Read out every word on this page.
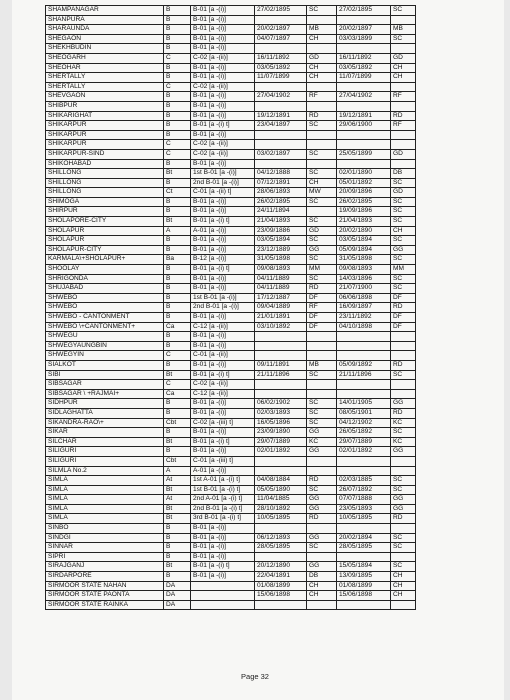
SHAMPANAGAR	B	B-01 [a -(i)]	27/02/1895	SC	27/02/1895	SC
SHANPURA	B	B-01 [a -(i)]				
SHARAUNDA	B	B-01 [a -(i)]	20/02/1897	MB	20/02/1897	MB
SHEGAON	B	B-01 [a -(i)]	04/07/1897	CH	03/03/1899	SC
SHEKHBUDIN	B	B-01 [a -(i)]				
SHEOGARH	C	C-02 [a -(ii)]	16/11/1892	GD	16/11/1892	GD
SHEOHAR	B	B-01 [a -(i)]	03/05/1892	CH	03/05/1892	CH
SHERTALLY	B	B-01 [a -(i)]	11/07/1899	CH	11/07/1899	CH
SHERTALLY	C	C-02 [a -(ii)]				
SHEVGAON	B	B-01 [a -(i)]	27/04/1902	RF	27/04/1902	RF
SHIBPUR	B	B-01 [a -(i)]				
SHIKARIGHAT	B	B-01 [a -(i)]	19/12/1891	RD	19/12/1891	RD
SHIKARPUR	B	B-01 [a -(i) t]	23/04/1897	SC	29/06/1900	RF
SHIKARPUR	B	B-01 [a -(i)]				
SHIKARPUR	C	C-02 [a -(ii)]				
SHIKARPUR-SIND	C	C-02 [a -(ii)]	03/02/1897	SC	25/05/1899	GD
SHIKOHABAD	B	B-01 [a -(i)]				
SHILLONG	Bt	1st B-01 [a -(i)]	04/12/1888	SC	02/01/1890	DB
SHILLONG	B	2nd B-01 [a -(i)]	07/12/1891	CH	05/01/1892	SC
SHILLONG	Ct	C-01 [a -(ii) t]	28/06/1893	MW	20/09/1896	GD
SHIMOGA	B	B-01 [a -(i)]	26/02/1895	SC	26/02/1895	SC
SHIRPUR	B	B-01 [a -(i)]	24/11/1894		19/09/1896	SC
SHOLAPORE-CITY	Bt	B-01 [a -(i) t]	21/04/1893	SC	21/04/1893	SC
SHOLAPUR	A	A-01 [a -(i)]	23/09/1886	GD	20/02/1890	CH
SHOLAPUR	B	B-01 [a -(i)]	03/05/1894	SC	03/05/1894	SC
SHOLAPUR-CITY	B	B-01 [a -(i)]	23/12/1889	GG	05/09/1894	GG
KARMALA\+SHOLAPUR+	Ba	B-12 [a -(i)]	31/05/1898	SC	31/05/1898	SC
SHOOLAY	B	B-01 [a -(i) t]	09/08/1893	MM	09/08/1893	MM
SHRIGONDA	B	B-01 [a -(i)]	04/11/1889	SC	14/03/1896	SC
SHUJABAD	B	B-01 [a -(i)]	04/11/1889	RD	21/07/1900	SC
SHWEBO	B	1st B-01 [a -(i)]	17/12/1887	DF	06/06/1898	DF
SHWEBO	B	2nd B-01 [a -(i)]	09/04/1889	RF	16/09/1897	RD
SHWEBO - CANTONMENT	B	B-01 [a -(i)]	21/01/1891	DF	23/11/1892	DF
SHWEBO \+CANTONMENT+	Ca	C-12 [a -(ii)]	03/10/1892	DF	04/10/1898	DF
SHWEGU	B	B-01 [a -(i)]				
SHWEGYAUNGBIN	B	B-01 [a -(i)]				
SHWEGYIN	C	C-01 [a -(ii)]				
SIALKOT	B	B-01 [a -(i)]	09/11/1891	MB	05/09/1892	RD
SIBI	Bt	B-01 [a -(i) t]	21/11/1896	SC	21/11/1896	SC
SIBSAGAR	C	C-02 [a -(ii)]				
SIBSAGAR \ +RAJMAI+	Ca	C-12 [a -(ii)]				
SIDHPUR	B	B-01 [a -(i)]	06/02/1902	SC	14/01/1905	GG
SIDLAGHATTA	B	B-01 [a -(i)]	02/03/1893	SC	08/05/1901	RD
SIKANDRA-RAO\+	Cbt	C-02 [a -(iii) t]	16/05/1896	SC	04/12/1902	KC
SIKAR	B	B-01 [a -(i)]	23/09/1890	GG	26/05/1892	SC
SILCHAR	Bt	B-01 [a -(i) t]	29/07/1889	KC	29/07/1889	KC
SILIGURI	B	B-01 [a -(i)]	02/01/1892	GG	02/01/1892	GG
SILIGURI	Cbt	C-01 [a -(iii) t]				
SILMLA No.2	A	A-01 [a -(i)]				
SIMLA	At	1st A-01 [a -(i) t]	04/08/1884	RD	02/03/1885	SC
SIMLA	Bt	1st B-01 [a -(i) t]	05/05/1890	SC	26/07/1892	SC
SIMLA	At	2nd A-01 [a -(i) t]	11/04/1885	GG	07/07/1888	GG
SIMLA	Bt	2nd B-01 [a -(i) t]	28/10/1892	GG	23/05/1893	GG
SIMLA	Bt	3rd B-01 [a -(i) t]	10/05/1895	RD	10/05/1895	RD
SINBO	B	B-01 [a -(i)]				
SINDGI	B	B-01 [a -(i)]	06/12/1893	GG	20/02/1894	SC
SINNAR	B	B-01 [a -(i)]	28/05/1895	SC	28/05/1895	SC
SIPRI	B	B-01 [a -(i)]				
SIRAJGANJ	Bt	B-01 [a -(i) t]	20/12/1890	GG	15/05/1894	SC
SIRDARPORE	B	B-01 [a -(i)]	22/04/1891	DB	13/09/1895	CH
SIRMOOR STATE NAHAN	DA		01/08/1899	CH	01/08/1899	CH
SIRMOOR STATE PAONTA	DA		15/06/1898	CH	15/06/1898	CH
SIRMOOR STATE RAINKA	DA					
Page 32
